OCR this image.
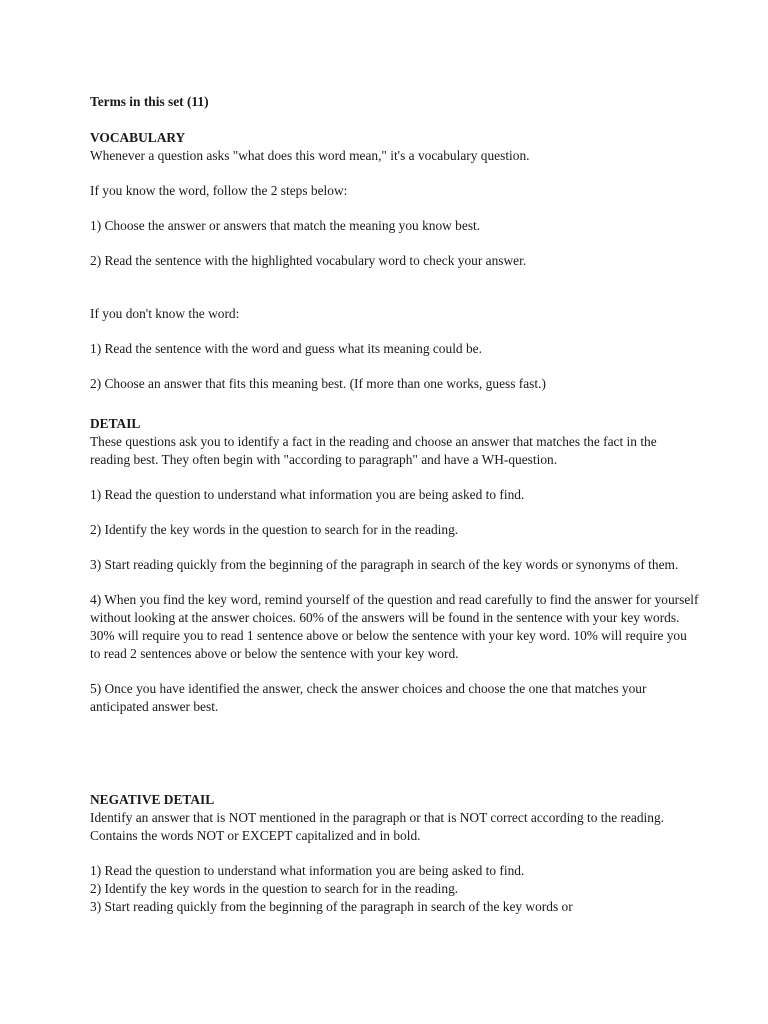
Terms in this set (11)

VOCABULARY

Whenever a question asks "what does this word mean," it's a vocabulary question.

If you know the word, follow the 2 steps below:

1) Choose the answer or answers that match the meaning you know best.

2) Read the sentence with the highlighted vocabulary word to check your answer.

If you don't know the word:

1) Read the sentence with the word and guess what its meaning could be.

2) Choose an answer that fits this meaning best. (If more than one works, guess fast.)

DETAIL

These questions ask you to identify a fact in the reading and choose an answer that matches the fact in the reading best. They often begin with "according to paragraph" and have a WH-question.

1) Read the question to understand what information you are being asked to find.

2) Identify the key words in the question to search for in the reading.

3) Start reading quickly from the beginning of the paragraph in search of the key words or synonyms of them.

4) When you find the key word, remind yourself of the question and read carefully to find the answer for yourself without looking at the answer choices. 60% of the answers will be found in the sentence with your key words. 30% will require you to read 1 sentence above or below the sentence with your key word. 10% will require you to read 2 sentences above or below the sentence with your key word.

5) Once you have identified the answer, check the answer choices and choose the one that matches your anticipated answer best.

NEGATIVE DETAIL

Identify an answer that is NOT mentioned in the paragraph or that is NOT correct according to the reading. Contains the words NOT or EXCEPT capitalized and in bold.

1) Read the question to understand what information you are being asked to find.

2) Identify the key words in the question to search for in the reading.

3) Start reading quickly from the beginning of the paragraph in search of the key words or
